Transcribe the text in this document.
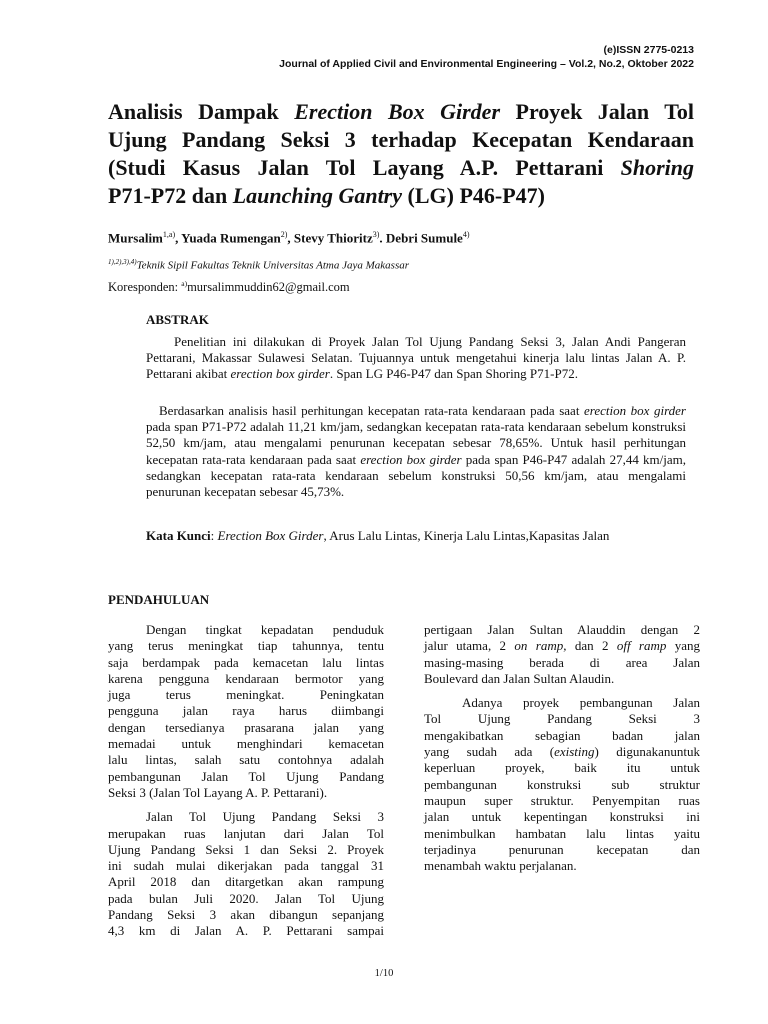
(e)ISSN 2775-0213
Journal of Applied Civil and Environmental Engineering – Vol.2, No.2, Oktober 2022
Analisis Dampak Erection Box Girder Proyek Jalan Tol
Ujung Pandang Seksi 3 terhadap Kecepatan Kendaraan
(Studi Kasus Jalan Tol Layang A.P. Pettarani Shoring
P71-P72 dan Launching Gantry (LG) P46-P47)
Mursalim$^{1,a)}$, Yuada Rumengan$^{2)}$, Stevy Thioritz$^{3)}$. Debri Sumule$^{4)}$
$^{1),2),3),4)}$Teknik Sipil Fakultas Teknik Universitas Atma Jaya Makassar
Koresponden: $^{a)}$mursalimmuddin62@gmail.com
ABSTRAK

Penelitian ini dilakukan di Proyek Jalan Tol Ujung Pandang Seksi 3, Jalan Andi Pangeran Pettarani, Makassar Sulawesi Selatan. Tujuannya untuk mengetahui kinerja lalu lintas Jalan A. P. Pettarani akibat erection box girder. Span LG P46-P47 dan Span Shoring P71-P72.

Berdasarkan analisis hasil perhitungan kecepatan rata-rata kendaraan pada saat erection box girder pada span P71-P72 adalah 11,21 km/jam, sedangkan kecepatan rata-rata kendaraan sebelum konstruksi 52,50 km/jam, atau mengalami penurunan kecepatan sebesar 78,65%. Untuk hasil perhitungan kecepatan rata-rata kendaraan pada saat erection box girder pada span P46-P47 adalah 27,44 km/jam, sedangkan kecepatan rata-rata kendaraan sebelum konstruksi 50,56 km/jam, atau mengalami penurunan kecepatan sebesar 45,73%.

Kata Kunci: Erection Box Girder, Arus Lalu Lintas, Kinerja Lalu Lintas,Kapasitas Jalan
PENDAHULUAN
Dengan tingkat kepadatan penduduk
yang terus meningkat tiap tahunnya, tentu
saja berdampak pada kemacetan lalu lintas
karena pengguna kendaraan bermotor yang
juga terus meningkat. Peningkatan
pengguna jalan raya harus diimbangi
dengan tersedianya prasarana jalan yang
memadai untuk menghindari kemacetan
lalu lintas, salah satu contohnya adalah
pembangunan Jalan Tol Ujung Pandang
Seksi 3 (Jalan Tol Layang A. P. Pettarani).
Jalan Tol Ujung Pandang Seksi 3
merupakan ruas lanjutan dari Jalan Tol
Ujung Pandang Seksi 1 dan Seksi 2. Proyek
ini sudah mulai dikerjakan pada tanggal 31
April 2018 dan ditargetkan akan rampung
pada bulan Juli 2020. Jalan Tol Ujung
Pandang Seksi 3 akan dibangun sepanjang
4,3 km di Jalan A. P. Pettarani sampai
pertigaan Jalan Sultan Alauddin dengan 2
jalur utama, 2 on ramp, dan 2 off ramp yang
masing-masing berada di area Jalan
Boulevard dan Jalan Sultan Alaudin.
Adanya proyek pembangunan Jalan
Tol Ujung Pandang Seksi 3
mengakibatkan sebagian badan jalan
yang sudah ada (existing) digunakanuntuk
keperluan proyek, baik itu untuk
pembangunan konstruksi sub struktur
maupun super struktur. Penyempitan ruas
jalan untuk kepentingan konstruksi ini
menimbulkan hambatan lalu lintas yaitu
terjadinya penurunan kecepatan dan
menambah waktu perjalanan.
1/10
